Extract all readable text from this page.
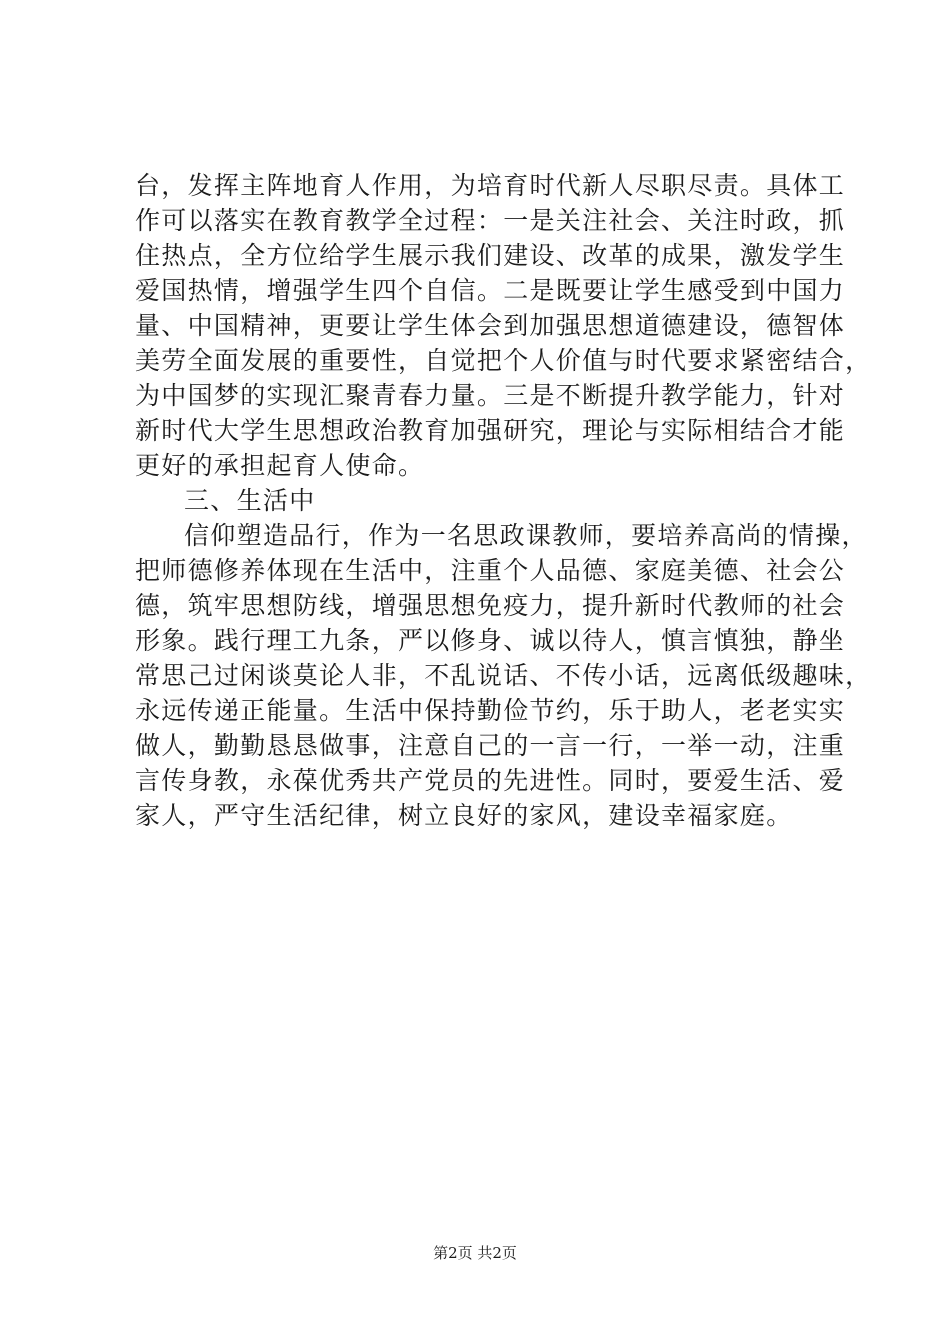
台，发挥主阵地育人作用，为培育时代新人尽职尽责。具体工
作可以落实在教育教学全过程：一是关注社会、关注时政，抓
住热点，全方位给学生展示我们建设、改革的成果，激发学生
爱国热情，增强学生四个自信。二是既要让学生感受到中国力
量、中国精神，更要让学生体会到加强思想道德建设，德智体
美劳全面发展的重要性，自觉把个人价值与时代要求紧密结合，
为中国梦的实现汇聚青春力量。三是不断提升教学能力，针对
新时代大学生思想政治教育加强研究，理论与实际相结合才能
更好的承担起育人使命。
三、生活中
信仰塑造品行，作为一名思政课教师，要培养高尚的情操，
把师德修养体现在生活中，注重个人品德、家庭美德、社会公
德，筑牢思想防线，增强思想免疫力，提升新时代教师的社会
形象。践行理工九条，严以修身、诚以待人，慎言慎独，静坐
常思己过闲谈莫论人非，不乱说话、不传小话，远离低级趣味，
永远传递正能量。生活中保持勤俭节约，乐于助人，老老实实
做人，勤勤恳恳做事，注意自己的一言一行，一举一动，注重
言传身教，永葆优秀共产党员的先进性。同时，要爱生活、爱
家人，严守生活纪律，树立良好的家风，建设幸福家庭。
第2页 共2页
